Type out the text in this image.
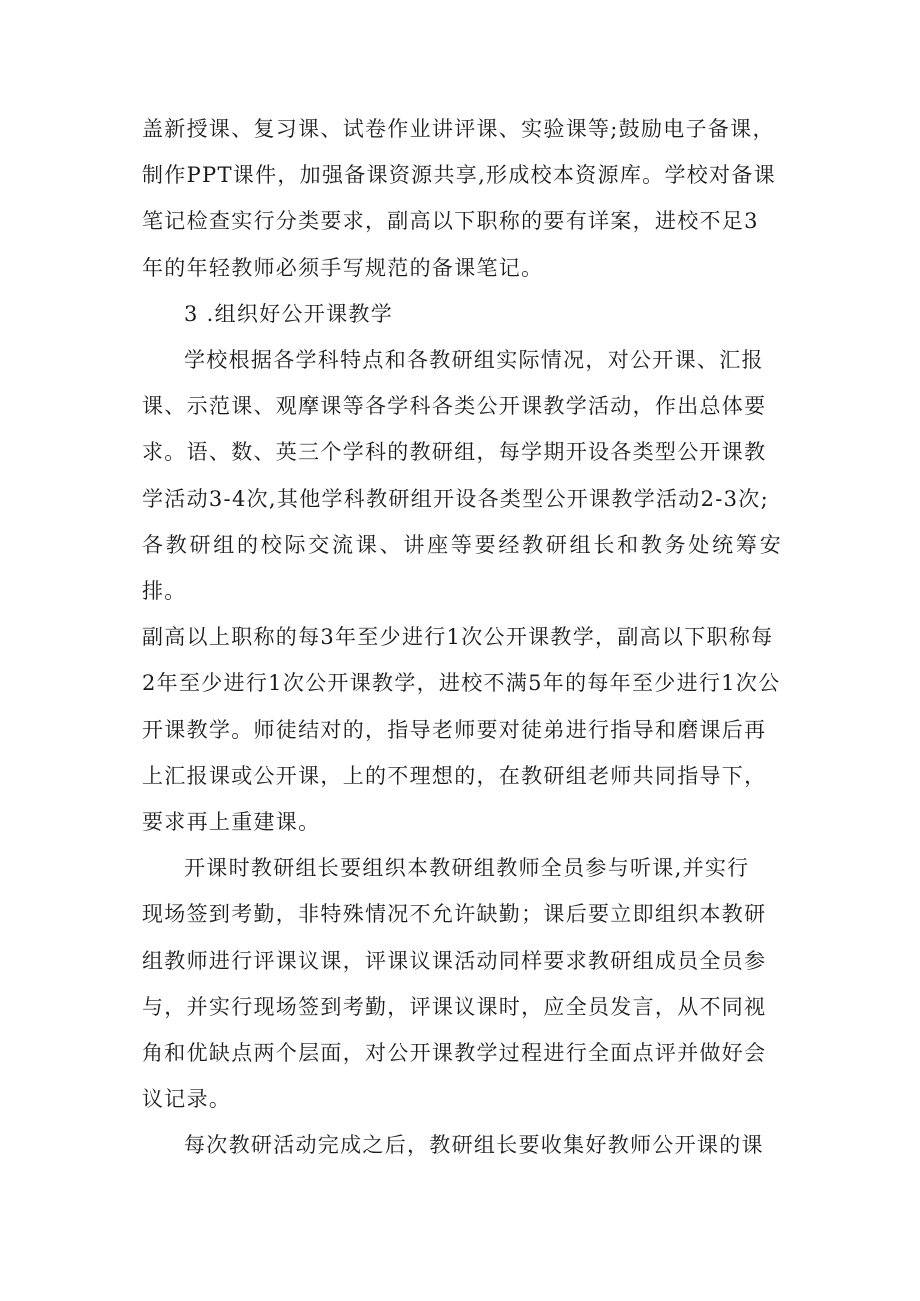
盖新授课、复习课、试卷作业讲评课、实验课等;鼓励电子备课，
制作PPT课件，加强备课资源共享,形成校本资源库。学校对备课
笔记检查实行分类要求，副高以下职称的要有详案，进校不足3
年的年轻教师必须手写规范的备课笔记。

3 .组织好公开课教学

学校根据各学科特点和各教研组实际情况，对公开课、汇报
课、示范课、观摩课等各学科各类公开课教学活动，作出总体要
求。语、数、英三个学科的教研组，每学期开设各类型公开课教
学活动3-4次,其他学科教研组开设各类型公开课教学活动2-3次;
各教研组的校际交流课、讲座等要经教研组长和教务处统筹安排。
副高以上职称的每3年至少进行1次公开课教学，副高以下职称每
2年至少进行1次公开课教学，进校不满5年的每年至少进行1次公
开课教学。师徒结对的，指导老师要对徒弟进行指导和磨课后再
上汇报课或公开课，上的不理想的，在教研组老师共同指导下，
要求再上重建课。

开课时教研组长要组织本教研组教师全员参与听课,并实行
现场签到考勤，非特殊情况不允许缺勤；课后要立即组织本教研
组教师进行评课议课，评课议课活动同样要求教研组成员全员参
与，并实行现场签到考勤，评课议课时，应全员发言，从不同视
角和优缺点两个层面，对公开课教学过程进行全面点评并做好会
议记录。

每次教研活动完成之后，教研组长要收集好教师公开课的课
